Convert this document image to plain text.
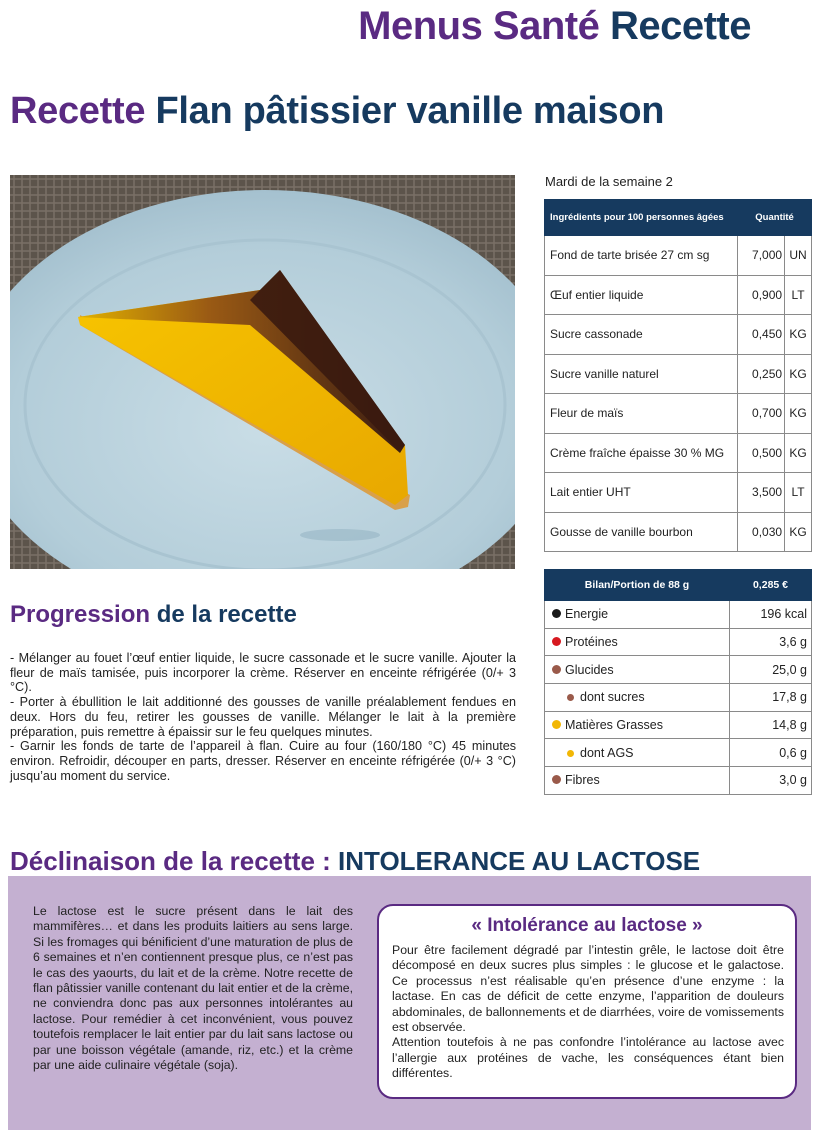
Menus Santé Recette
Recette Flan pâtissier vanille maison
Mardi de la semaine 2
Ingrédients pour 100 personnes âgées	Quantité	
Fond de tarte brisée 27 cm sg	7,000	UN
Œuf entier liquide	0,900	LT
Sucre cassonade	0,450	KG
Sucre vanille naturel	0,250	KG
Fleur de maïs	0,700	KG
Crème fraîche épaisse 30 % MG	0,500	KG
Lait entier UHT	3,500	LT
Gousse de vanille bourbon	0,030	KG
Bilan/Portion de 88 g	0,285 €
Energie	196 kcal
Protéines	3,6 g
Glucides	25,0 g
dont sucres	17,8 g
Matières Grasses	14,8 g
dont AGS	0,6 g
Fibres	3,0 g
Progression de la recette

- Mélanger au fouet l’œuf entier liquide, le sucre cassonade et le sucre vanille. Ajouter la fleur de maïs tamisée, puis incorporer la crème. Réserver en enceinte réfrigérée (0/+ 3 °C).

- Porter à ébullition le lait additionné des gousses de vanille préalablement fendues en deux. Hors du feu, retirer les gousses de vanille. Mélanger le lait à la première préparation, puis remettre à épaissir sur le feu quelques minutes.

- Garnir les fonds de tarte de l’appareil à flan. Cuire au four (160/180 °C) 45 minutes environ. Refroidir, découper en parts, dresser. Réserver en enceinte réfrigérée (0/+ 3 °C) jusqu’au moment du service.

Déclinaison de la recette : INTOLERANCE AU LACTOSE
Le lactose est le sucre présent dans le lait des mammifères… et dans les produits laitiers au sens large. Si les fromages qui bénificient d’une maturation de plus de 6 semaines et n’en contiennent presque plus, ce n’est pas le cas des yaourts, du lait et de la crème. Notre recette de flan pâtissier vanille contenant du lait entier et de la crème, ne conviendra donc pas aux personnes intolérantes au lactose. Pour remédier à cet inconvénient, vous pouvez toutefois remplacer le lait entier par du lait sans lactose ou par une boisson végétale (amande, riz, etc.) et la crème par une aide culinaire végétale (soja).
« Intolérance au lactose »

Pour être facilement dégradé par l’intestin grêle, le lactose doit être décomposé en deux sucres plus simples : le glucose et le galactose. Ce processus n’est réalisable qu’en présence d’une enzyme : la lactase. En cas de déficit de cette enzyme, l’apparition de douleurs abdominales, de ballonnements et de diarrhées, voire de vomissements est observée.

Attention toutefois à ne pas confondre l’intolérance au lactose avec l’allergie aux protéines de vache, les conséquences étant bien différentes.
